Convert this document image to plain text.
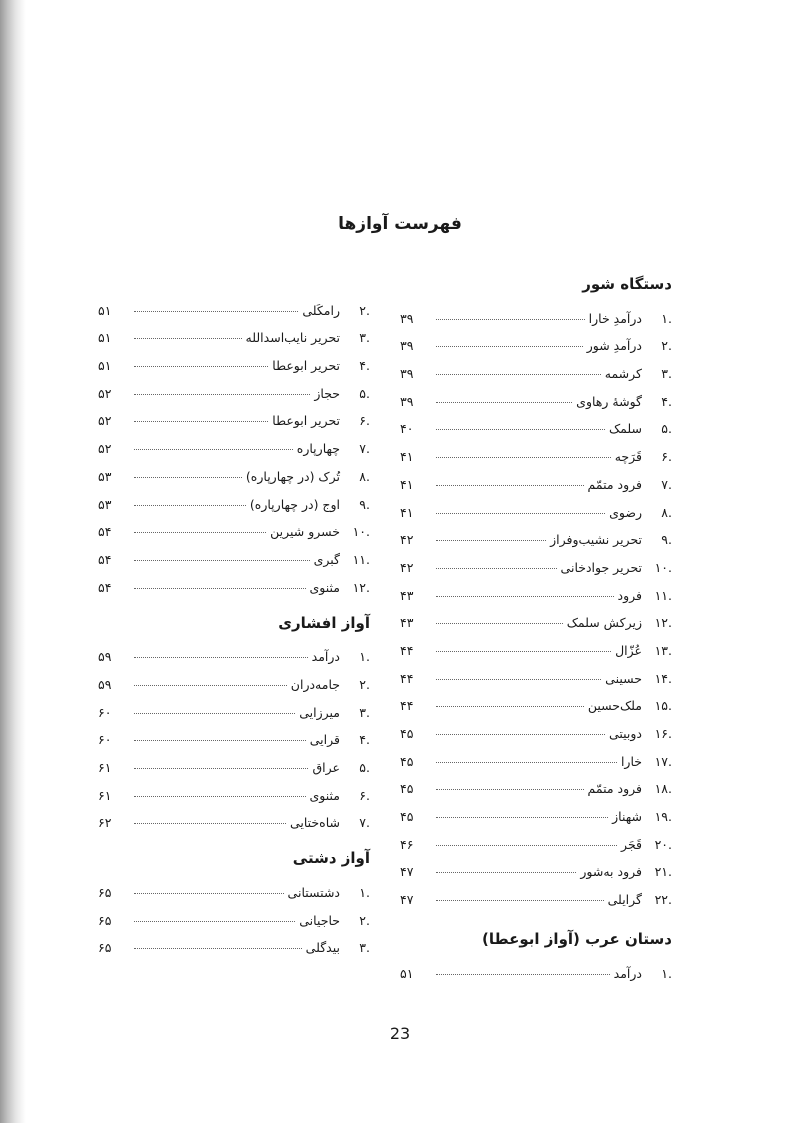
فهرست آوازها
دستگاه شور
.۱
درآمدِ خارا
۳۹
.۲
درآمدِ شور
۳۹
.۳
کرشمه
۳۹
.۴
گوشهٔ رهاوی
۳۹
.۵
سلمک
۴۰
.۶
قَرَچه
۴۱
.۷
فرود متمّم
۴۱
.۸
رضوی
۴۱
.۹
تحریر نشیب‌وفراز
۴۲
.۱۰
تحریر جوادخانی
۴۲
.۱۱
فرود
۴۳
.۱۲
زیرکش سلمک
۴۳
.۱۳
عُزّال
۴۴
.۱۴
حسینی
۴۴
.۱۵
ملک‌حسین
۴۴
.۱۶
دوبیتی
۴۵
.۱۷
خارا
۴۵
.۱۸
فرود متمّم
۴۵
.۱۹
شهناز
۴۵
.۲۰
قَجَر
۴۶
.۲۱
فرود به‌شور
۴۷
.۲۲
گرایلی
۴۷
دستان عرب (آواز ابوعطا)
.۱
درآمد
۵۱
.۲
رامکَلی
۵۱
.۳
تحریر نایب‌اسدالله
۵۱
.۴
تحریر ابوعطا
۵۱
.۵
حجاز
۵۲
.۶
تحریر ابوعطا
۵۲
.۷
چهارپاره
۵۲
.۸
تُرک (در چهارپاره)
۵۳
.۹
اوج (در چهارپاره)
۵۳
.۱۰
خسرو شیرین
۵۴
.۱۱
گبری
۵۴
.۱۲
مثنوی
۵۴
آواز افشاری
.۱
درآمد
۵۹
.۲
جامه‌دران
۵۹
.۳
میرزایی
۶۰
.۴
قرایی
۶۰
.۵
عراق
۶۱
.۶
مثنوی
۶۱
.۷
شاه‌ختایی
۶۲
آواز دشتی
.۱
دشتستانی
۶۵
.۲
حاجیانی
۶۵
.۳
بیدگلی
۶۵
23
